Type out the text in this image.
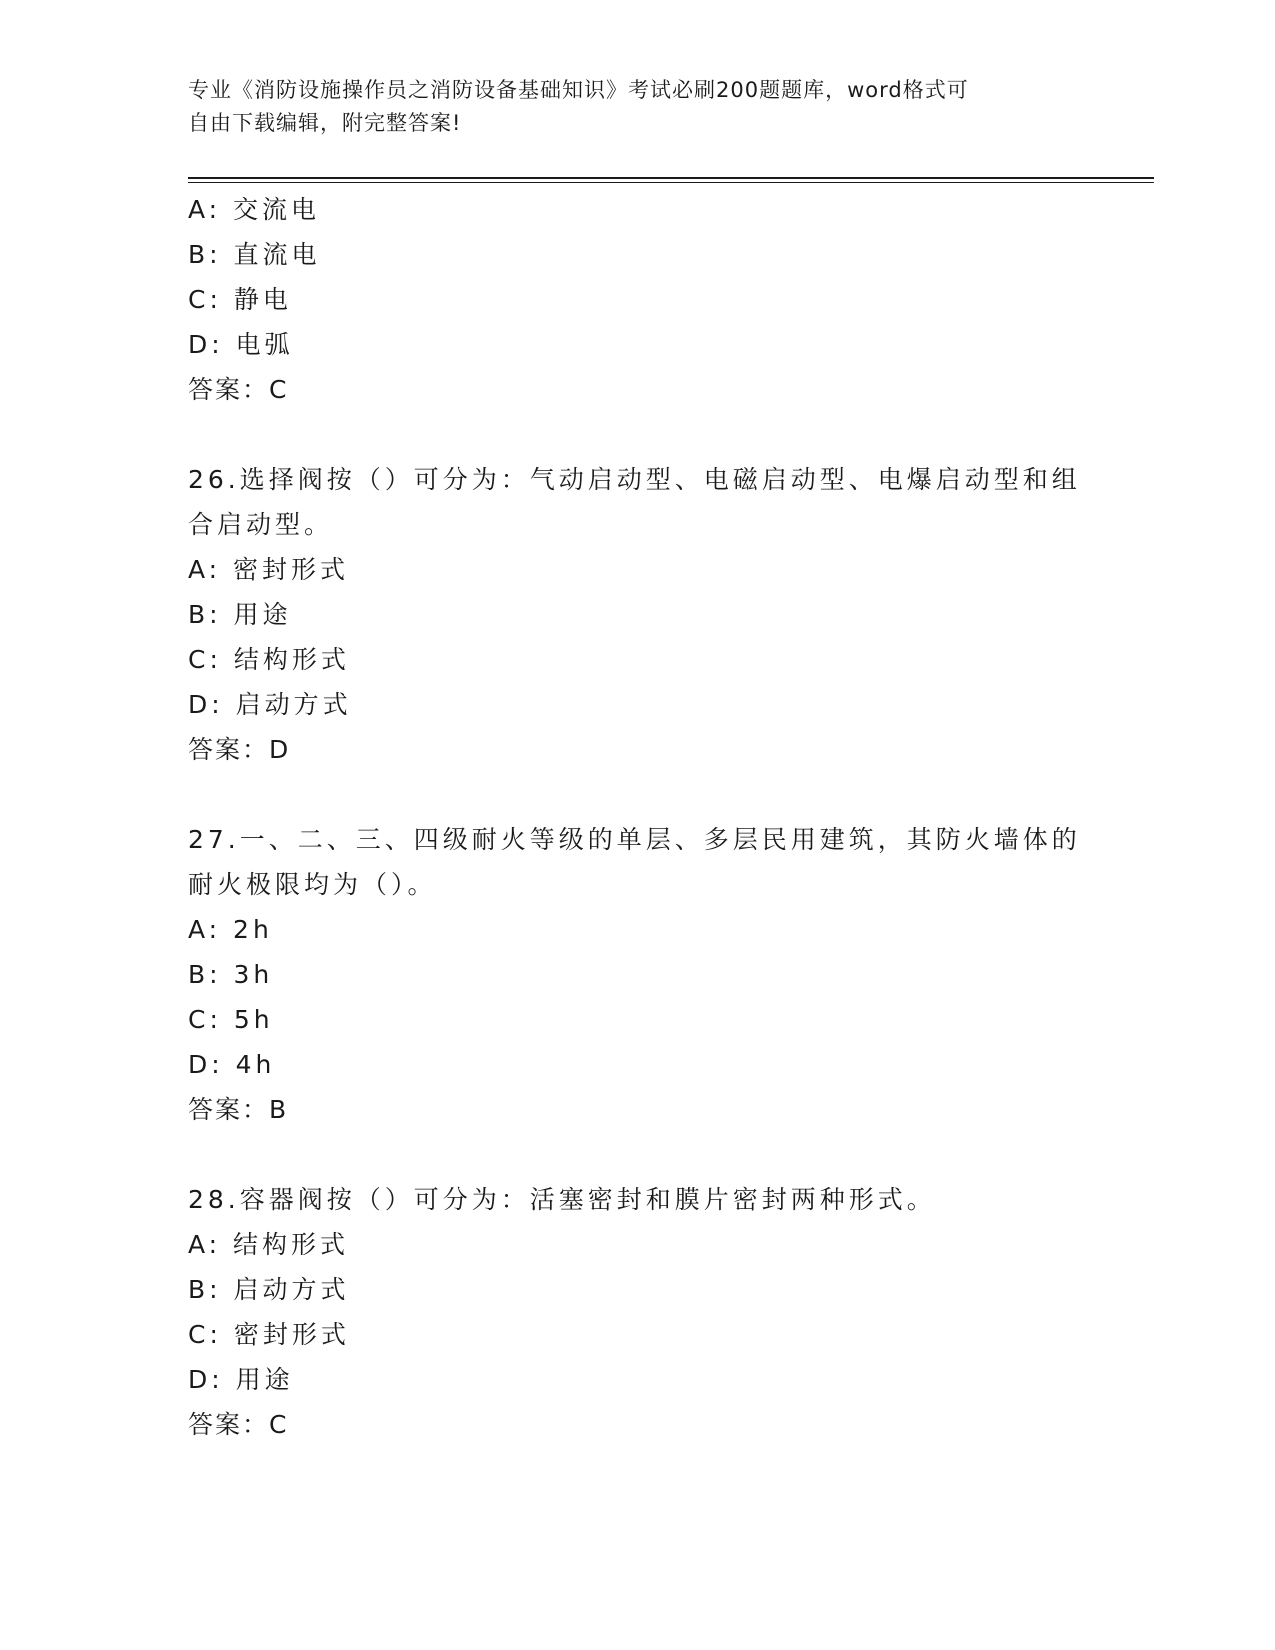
专业《消防设施操作员之消防设备基础知识》考试必刷200题题库，word格式可
自由下载编辑，附完整答案!
A: 交流电
B: 直流电
C: 静电
D: 电弧
答案：C
26.选择阀按（）可分为：气动启动型、电磁启动型、电爆启动型和组
合启动型。
A: 密封形式
B: 用途
C: 结构形式
D: 启动方式
答案：D
27.一、二、三、四级耐火等级的单层、多层民用建筑，其防火墙体的
耐火极限均为（）。
A: 2h
B: 3h
C: 5h
D: 4h
答案：B
28.容器阀按（）可分为：活塞密封和膜片密封两种形式。
A: 结构形式
B: 启动方式
C: 密封形式
D: 用途
答案：C
